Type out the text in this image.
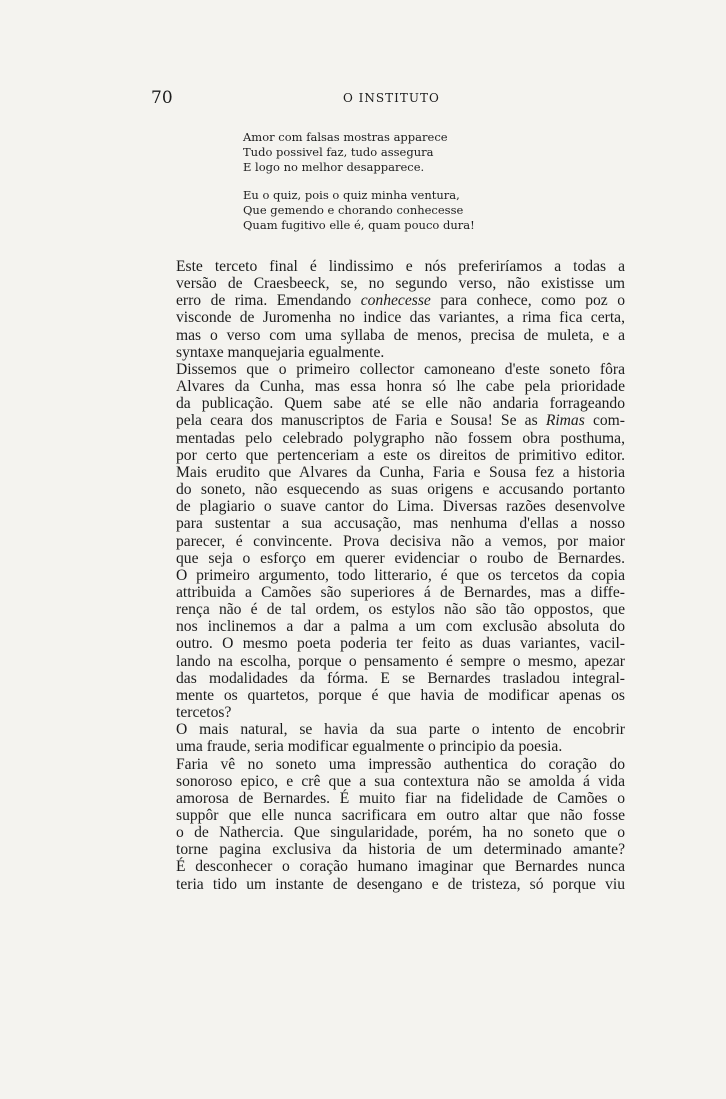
70	O INSTITUTO
Amor com falsas mostras apparece
Tudo possivel faz, tudo assegura
E logo no melhor desapparece.
Eu o quiz, pois o quiz minha ventura,
Que gemendo e chorando conhecesse
Quam fugitivo elle é, quam pouco dura!

Este terceto final é lindissimo e nós preferiríamos a todas a
versão de Craesbeeck, se, no segundo verso, não existisse um
erro de rima. Emendando conhecesse para conhece, como poz o
visconde de Juromenha no indice das variantes, a rima fica certa,
mas o verso com uma syllaba de menos, precisa de muleta, e a
syntaxe manquejaria egualmente.

Dissemos que o primeiro collector camoneano d'este soneto fôra
Alvares da Cunha, mas essa honra só lhe cabe pela prioridade
da publicação. Quem sabe até se elle não andaria forrageando
pela ceara dos manuscriptos de Faria e Sousa! Se as Rimas com-
mentadas pelo celebrado polygrapho não fossem obra posthuma,
por certo que pertenceriam a este os direitos de primitivo editor.
Mais erudito que Alvares da Cunha, Faria e Sousa fez a historia
do soneto, não esquecendo as suas origens e accusando portanto
de plagiario o suave cantor do Lima. Diversas razões desenvolve
para sustentar a sua accusação, mas nenhuma d'ellas a nosso
parecer, é convincente. Prova decisiva não a vemos, por maior
que seja o esforço em querer evidenciar o roubo de Bernardes.
O primeiro argumento, todo litterario, é que os tercetos da copia
attribuida a Camões são superiores á de Bernardes, mas a diffe-
rença não é de tal ordem, os estylos não são tão oppostos, que
nos inclinemos a dar a palma a um com exclusão absoluta do
outro. O mesmo poeta poderia ter feito as duas variantes, vacil-
lando na escolha, porque o pensamento é sempre o mesmo, apezar
das modalidades da fórma. E se Bernardes trasladou integral-
mente os quartetos, porque é que havia de modificar apenas os
tercetos?

O mais natural, se havia da sua parte o intento de encobrir
uma fraude, seria modificar egualmente o principio da poesia.

Faria vê no soneto uma impressão authentica do coração do
sonoroso epico, e crê que a sua contextura não se amolda á vida
amorosa de Bernardes. É muito fiar na fidelidade de Camões o
suppôr que elle nunca sacrificara em outro altar que não fosse
o de Nathercia. Que singularidade, porém, ha no soneto que o
torne pagina exclusiva da historia de um determinado amante?
É desconhecer o coração humano imaginar que Bernardes nunca
teria tido um instante de desengano e de tristeza, só porque viu
